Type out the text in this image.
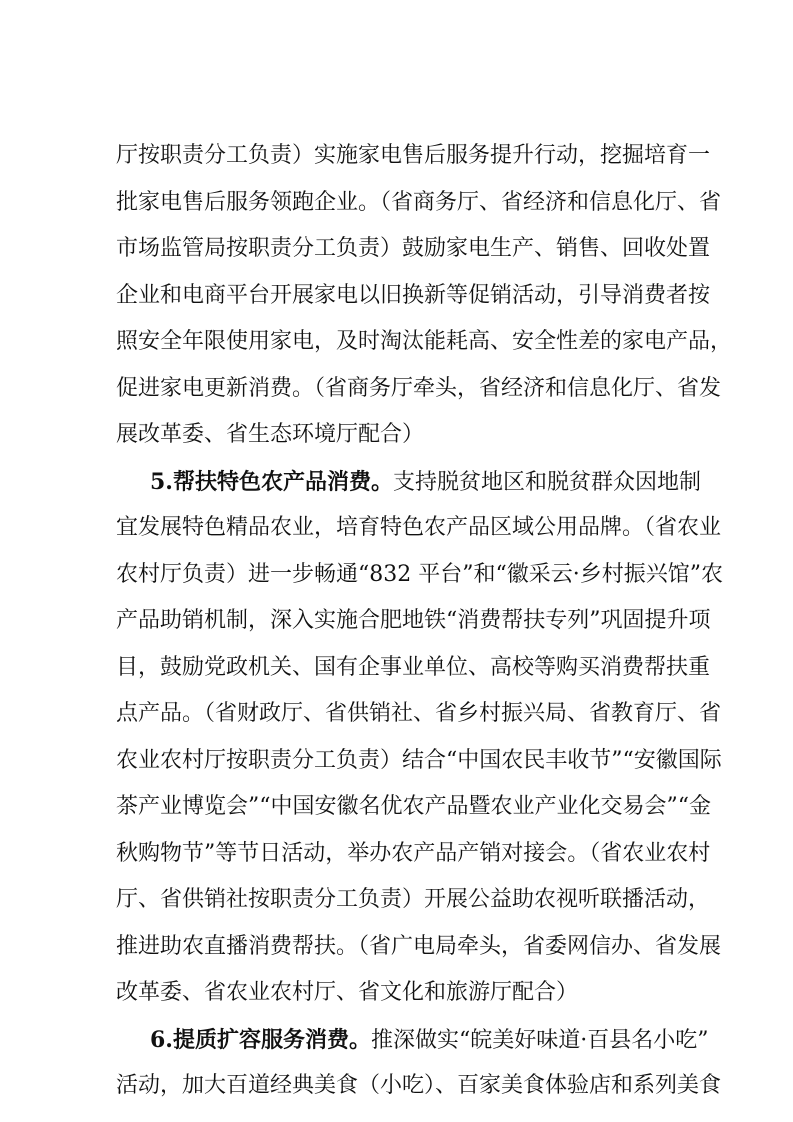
厅按职责分工负责）实施家电售后服务提升行动，挖掘培育一
批家电售后服务领跑企业。（省商务厅、省经济和信息化厅、省
市场监管局按职责分工负责）鼓励家电生产、销售、回收处置
企业和电商平台开展家电以旧换新等促销活动，引导消费者按
照安全年限使用家电，及时淘汰能耗高、安全性差的家电产品，
促进家电更新消费。（省商务厅牵头，省经济和信息化厅、省发
展改革委、省生态环境厅配合）
5.帮扶特色农产品消费。支持脱贫地区和脱贫群众因地制
宜发展特色精品农业，培育特色农产品区域公用品牌。（省农业
农村厅负责）进一步畅通“832 平台”和“徽采云·乡村振兴馆”农
产品助销机制，深入实施合肥地铁“消费帮扶专列”巩固提升项
目，鼓励党政机关、国有企事业单位、高校等购买消费帮扶重
点产品。（省财政厅、省供销社、省乡村振兴局、省教育厅、省
农业农村厅按职责分工负责）结合“中国农民丰收节”“安徽国际
茶产业博览会”“中国安徽名优农产品暨农业产业化交易会”“金
秋购物节”等节日活动，举办农产品产销对接会。（省农业农村
厅、省供销社按职责分工负责）开展公益助农视听联播活动，
推进助农直播消费帮扶。（省广电局牵头，省委网信办、省发展
改革委、省农业农村厅、省文化和旅游厅配合）
6.提质扩容服务消费。推深做实“皖美好味道·百县名小吃”
活动，加大百道经典美食（小吃）、百家美食体验店和系列美食
